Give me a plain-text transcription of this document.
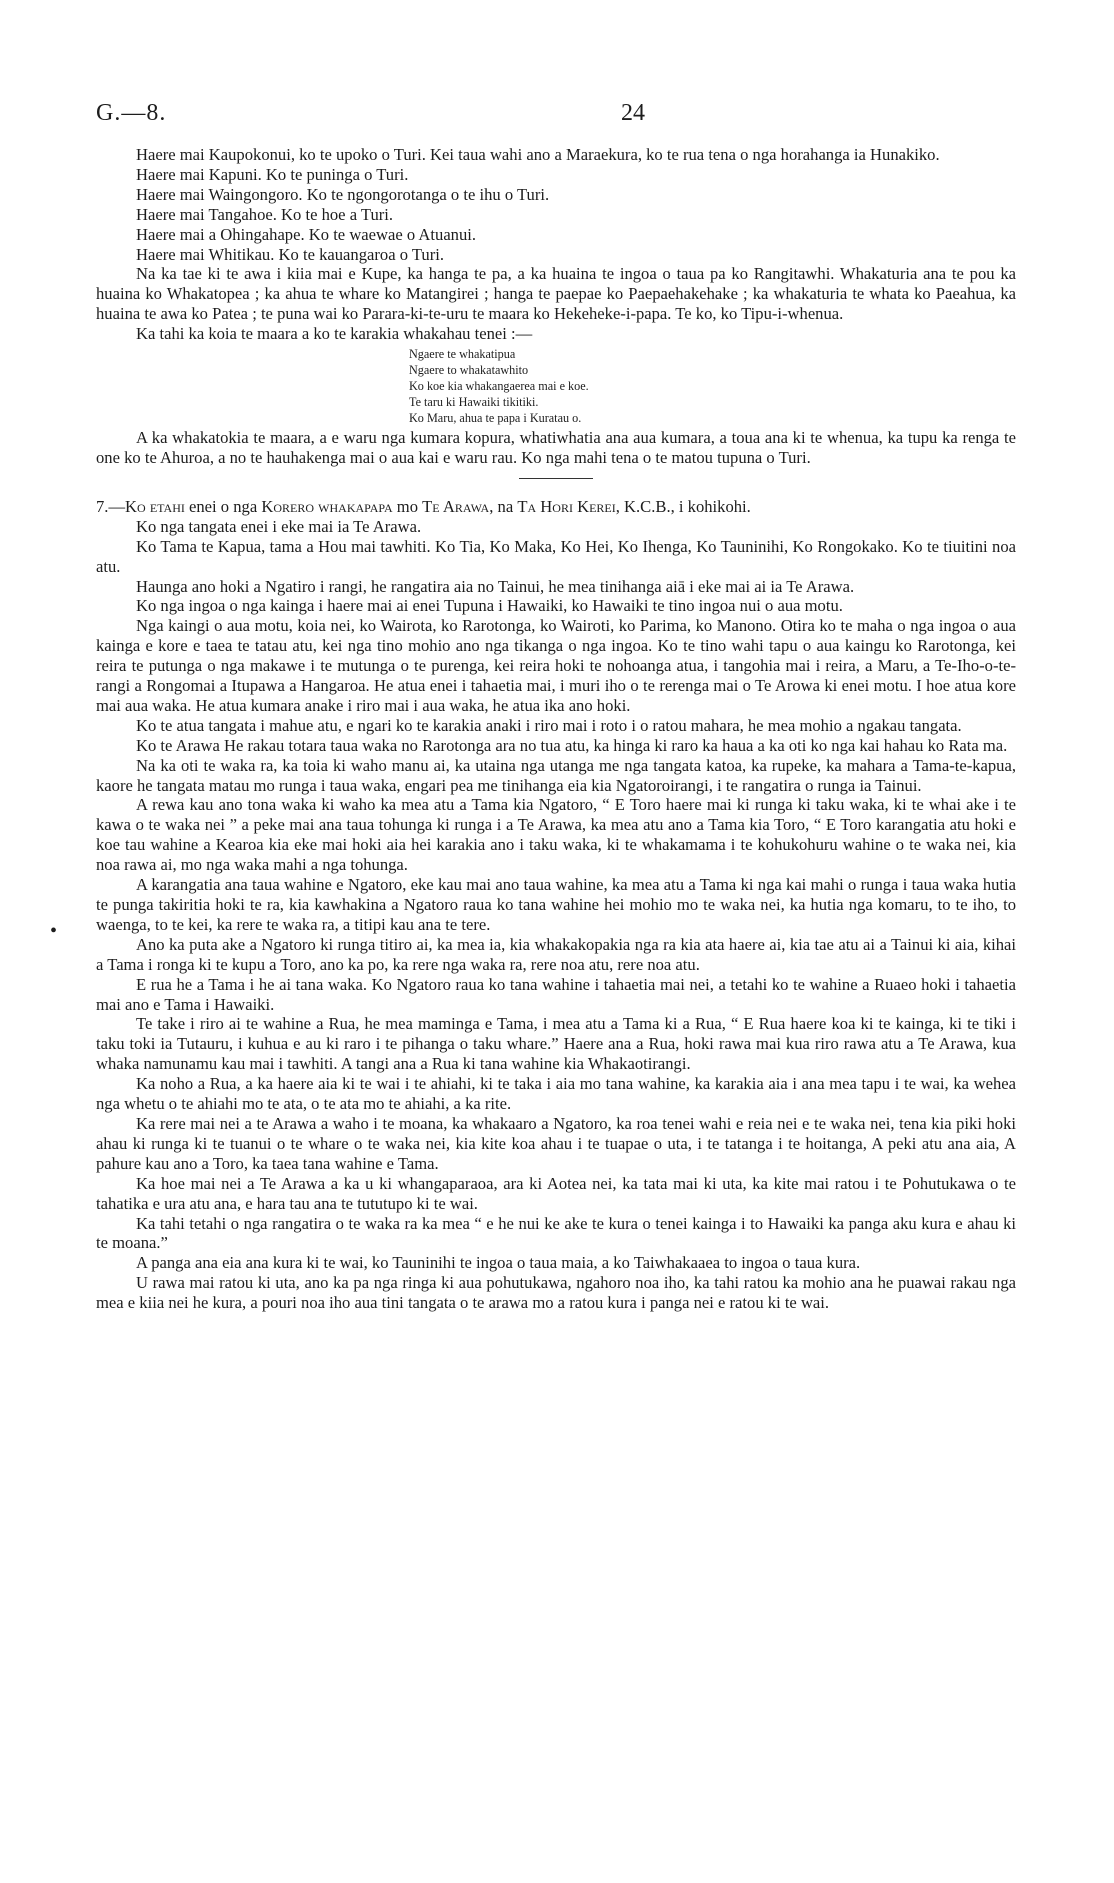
G.—8.	24
•

Haere mai Kaupokonui, ko te upoko o Turi. Kei taua wahi ano a Maraekura, ko te rua tena o nga horahanga ia Hunakiko.

Haere mai Kapuni. Ko te puninga o Turi.

Haere mai Waingongoro. Ko te ngongorotanga o te ihu o Turi.

Haere mai Tangahoe. Ko te hoe a Turi.

Haere mai a Ohingahape. Ko te waewae o Atuanui.

Haere mai Whitikau. Ko te kauangaroa o Turi.

Na ka tae ki te awa i kiia mai e Kupe, ka hanga te pa, a ka huaina te ingoa o taua pa ko Rangitawhi. Whakaturia ana te pou ka huaina ko Whakatopea ; ka ahua te whare ko Matangirei ; hanga te paepae ko Paepaehakehake ; ka whakaturia te whata ko Paeahua, ka huaina te awa ko Patea ; te puna wai ko Parara-ki-te-uru te maara ko Hekeheke-i-papa. Te ko, ko Tipu-i-whenua.

Ka tahi ka koia te maara a ko te karakia whakahau tenei :—

Ngaere te whakatipua
Ngaere to whakatawhito
Ko koe kia whakangaerea mai e koe.
Te taru ki Hawaiki tikitiki.
Ko Maru, ahua te papa i Kuratau o.

A ka whakatokia te maara, a e waru nga kumara kopura, whatiwhatia ana aua kumara, a toua ana ki te whenua, ka tupu ka renga te one ko te Ahuroa, a no te hauhakenga mai o aua kai e waru rau. Ko nga mahi tena o te matou tupuna o Turi.

7.—Ko etahi enei o nga Korero whakapapa mo Te Arawa, na Ta Hori Kerei, K.C.B., i kohikohi.

Ko nga tangata enei i eke mai ia Te Arawa.

Ko Tama te Kapua, tama a Hou mai tawhiti. Ko Tia, Ko Maka, Ko Hei, Ko Ihenga, Ko Tauninihi, Ko Rongokako. Ko te tiuitini noa atu.

Haunga ano hoki a Ngatiro i rangi, he rangatira aia no Tainui, he mea tinihanga aiā i eke mai ai ia Te Arawa.

Ko nga ingoa o nga kainga i haere mai ai enei Tupuna i Hawaiki, ko Hawaiki te tino ingoa nui o aua motu.

Nga kaingi o aua motu, koia nei, ko Wairota, ko Rarotonga, ko Wairoti, ko Parima, ko Manono. Otira ko te maha o nga ingoa o aua kainga e kore e taea te tatau atu, kei nga tino mohio ano nga tikanga o nga ingoa. Ko te tino wahi tapu o aua kaingu ko Rarotonga, kei reira te putunga o nga makawe i te mutunga o te purenga, kei reira hoki te nohoanga atua, i tangohia mai i reira, a Maru, a Te-Iho-o-te-rangi a Rongomai a Itupawa a Hangaroa. He atua enei i tahaetia mai, i muri iho o te rerenga mai o Te Arowa ki enei motu. I hoe atua kore mai aua waka. He atua kumara anake i riro mai i aua waka, he atua ika ano hoki.

Ko te atua tangata i mahue atu, e ngari ko te karakia anaki i riro mai i roto i o ratou mahara, he mea mohio a ngakau tangata.

Ko te Arawa He rakau totara taua waka no Rarotonga ara no tua atu, ka hinga ki raro ka haua a ka oti ko nga kai hahau ko Rata ma.

Na ka oti te waka ra, ka toia ki waho manu ai, ka utaina nga utanga me nga tangata katoa, ka rupeke, ka mahara a Tama-te-kapua, kaore he tangata matau mo runga i taua waka, engari pea me tinihanga eia kia Ngatoroirangi, i te rangatira o runga ia Tainui.

A rewa kau ano tona waka ki waho ka mea atu a Tama kia Ngatoro, “ E Toro haere mai ki runga ki taku waka, ki te whai ake i te kawa o te waka nei ” a peke mai ana taua tohunga ki runga i a Te Arawa, ka mea atu ano a Tama kia Toro, “ E Toro karangatia atu hoki e koe tau wahine a Kearoa kia eke mai hoki aia hei karakia ano i taku waka, ki te whakamama i te kohukohuru wahine o te waka nei, kia noa rawa ai, mo nga waka mahi a nga tohunga.

A karangatia ana taua wahine e Ngatoro, eke kau mai ano taua wahine, ka mea atu a Tama ki nga kai mahi o runga i taua waka hutia te punga takiritia hoki te ra, kia kawhakina a Ngatoro raua ko tana wahine hei mohio mo te waka nei, ka hutia nga komaru, to te iho, to waenga, to te kei, ka rere te waka ra, a titipi kau ana te tere.

Ano ka puta ake a Ngatoro ki runga titiro ai, ka mea ia, kia whakakopakia nga ra kia ata haere ai, kia tae atu ai a Tainui ki aia, kihai a Tama i ronga ki te kupu a Toro, ano ka po, ka rere nga waka ra, rere noa atu, rere noa atu.

E rua he a Tama i he ai tana waka. Ko Ngatoro raua ko tana wahine i tahaetia mai nei, a tetahi ko te wahine a Ruaeo hoki i tahaetia mai ano e Tama i Hawaiki.

Te take i riro ai te wahine a Rua, he mea maminga e Tama, i mea atu a Tama ki a Rua, “ E Rua haere koa ki te kainga, ki te tiki i taku toki ia Tutauru, i kuhua e au ki raro i te pihanga o taku whare.” Haere ana a Rua, hoki rawa mai kua riro rawa atu a Te Arawa, kua whaka namunamu kau mai i tawhiti. A tangi ana a Rua ki tana wahine kia Whakaotirangi.

Ka noho a Rua, a ka haere aia ki te wai i te ahiahi, ki te taka i aia mo tana wahine, ka karakia aia i ana mea tapu i te wai, ka wehea nga whetu o te ahiahi mo te ata, o te ata mo te ahiahi, a ka rite.

Ka rere mai nei a te Arawa a waho i te moana, ka whakaaro a Ngatoro, ka roa tenei wahi e reia nei e te waka nei, tena kia piki hoki ahau ki runga ki te tuanui o te whare o te waka nei, kia kite koa ahau i te tuapae o uta, i te tatanga i te hoitanga, A peki atu ana aia, A pahure kau ano a Toro, ka taea tana wahine e Tama.

Ka hoe mai nei a Te Arawa a ka u ki whangaparaoa, ara ki Aotea nei, ka tata mai ki uta, ka kite mai ratou i te Pohutukawa o te tahatika e ura atu ana, e hara tau ana te tututupo ki te wai.

Ka tahi tetahi o nga rangatira o te waka ra ka mea “ e he nui ke ake te kura o tenei kainga i to Hawaiki ka panga aku kura e ahau ki te moana.”

A panga ana eia ana kura ki te wai, ko Tauninihi te ingoa o taua maia, a ko Taiwhakaaea to ingoa o taua kura.

U rawa mai ratou ki uta, ano ka pa nga ringa ki aua pohutukawa, ngahoro noa iho, ka tahi ratou ka mohio ana he puawai rakau nga mea e kiia nei he kura, a pouri noa iho aua tini tangata o te arawa mo a ratou kura i panga nei e ratou ki te wai.
